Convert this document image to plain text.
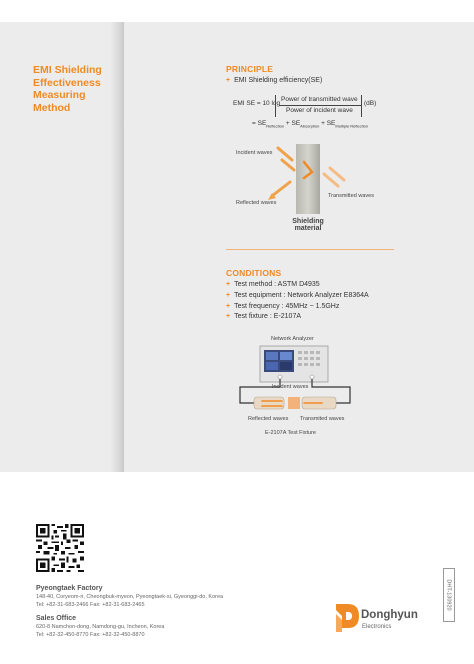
EMI Shielding
Effectiveness
Measuring
Method
PRINCIPLE
+ EMI Shielding efficiency(SE)
EMI SE = 10 log
Power of transmitted wave
Power of incident wave
(dB)
= $SE_{Reflection} + SE_{Absorption} + SE_{Multiple Reflection}$
Incident waves
Transmitted waves
Reflected waves
Shielding
material
CONDITIONS
+ Test method : ASTM D4935
+ Test equipment : Network Analyzer E8364A
+ Test frequency : 45MHz ~ 1.5GHz
+ Test fixture : E-2107A
Network Analyzer
Incident waves
Reflected waves Transmited waves
E-2107A Test Fixture
Pyeongtaek Factory
148-40, Coryeom-ri, Cheongbuk-myeon, Pyeongtaek-si, Gyeonggi-do, Korea
Tel: +82-31-683-2466 Fax: +82-31-683-2465
Sales Office
620-8 Namchon-dong, Namdong-gu, Incheon, Korea
Tel: +82-32-450-8770 Fax: +82-32-450-8870
DHT-130920
Donghyun
Electronics
